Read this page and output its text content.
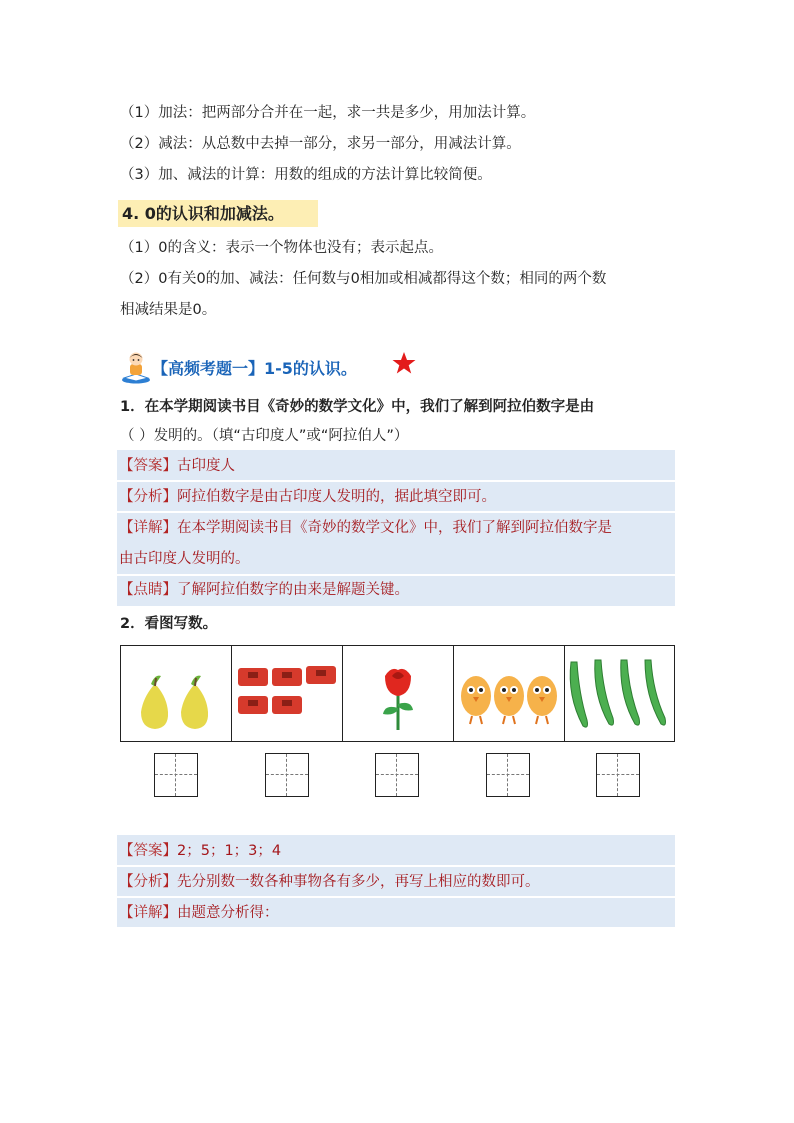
（1）加法：把两部分合并在一起，求一共是多少，用加法计算。
（2）减法：从总数中去掉一部分，求另一部分，用减法计算。
（3）加、减法的计算：用数的组成的方法计算比较简便。
4. 0的认识和加减法。
（1）0的含义：表示一个物体也没有；表示起点。
（2）0有关0的加、减法：任何数与0相加或相减都得这个数；相同的两个数
相减结果是0。
【高频考题一】1-5的认识。
1．在本学期阅读书目《奇妙的数学文化》中，我们了解到阿拉伯数字是由
（ ）发明的。（填“古印度人”或“阿拉伯人”）
【答案】古印度人
【分析】阿拉伯数字是由古印度人发明的，据此填空即可。
【详解】在本学期阅读书目《奇妙的数学文化》中，我们了解到阿拉伯数字是
由古印度人发明的。
【点睛】了解阿拉伯数字的由来是解题关键。
2．看图写数。
【答案】2；5；1；3；4
【分析】先分别数一数各种事物各有多少，再写上相应的数即可。
【详解】由题意分析得：
